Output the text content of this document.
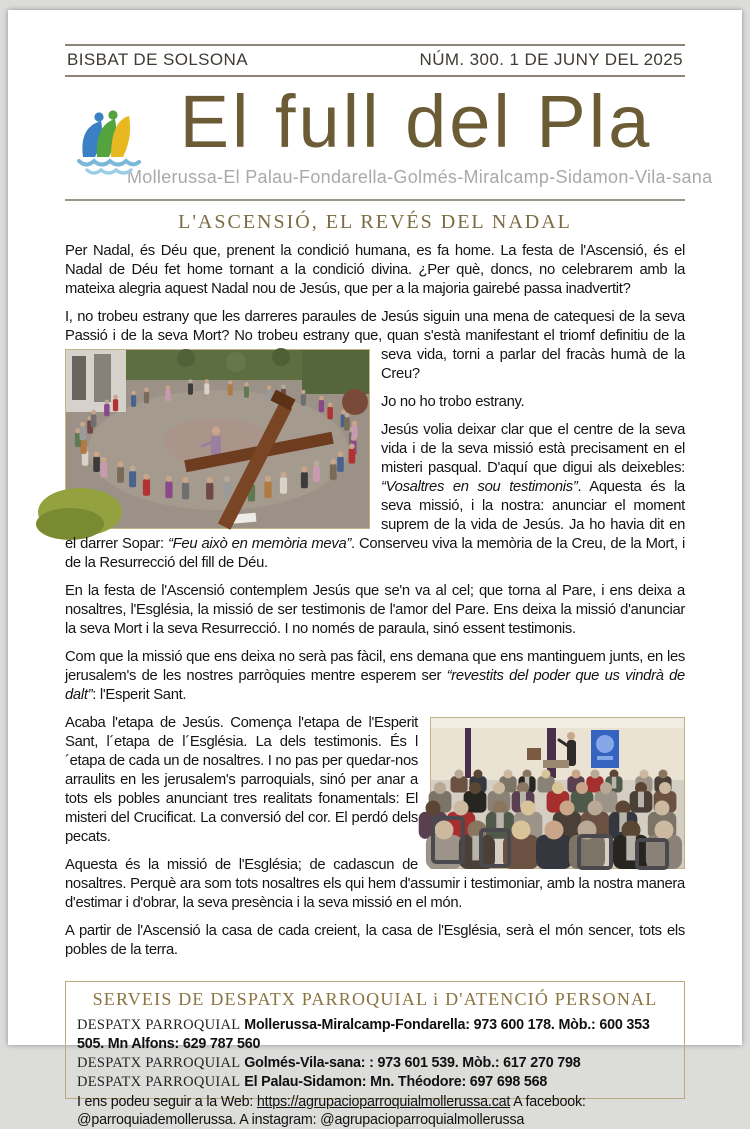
BISBAT DE SOLSONA	NÚM. 300. 1 DE JUNY DEL 2025
El full del Pla
Mollerussa-El Palau-Fondarella-Golmés-Miralcamp-Sidamon-Vila-sana
L'ASCENSIÓ, EL REVÉS DEL NADAL

Per Nadal, és Déu que, prenent la condició humana, es fa home. La festa de l'Ascensió, és el Nadal de Déu fet home tornant a la condició divina. ¿Per què, doncs, no celebrarem amb la mateixa alegria aquest Nadal nou de Jesús, que per a la majoria gairebé passa inadvertit?

I, no trobeu estrany que les darreres paraules de Jesús siguin una mena de catequesi de la seva Passió i de la seva Mort? No trobeu estrany que, quan s'està manifestant el triomf definitiu de la seva vida, torni a parlar del fracàs humà de la Creu?

Jo no ho trobo estrany.

Jesús volia deixar clar que el centre de la seva vida i de la seva missió està precisament en el misteri pasqual. D'aquí que digui als deixebles: “Vosaltres en sou testimonis”. Aquesta és la seva missió, i la nostra: anunciar el moment suprem de la vida de Jesús. Ja ho havia dit en el darrer Sopar: “Feu això en memòria meva”. Conserveu viva la memòria de la Creu, de la Mort, i de la Resurrecció del fill de Déu.

En la festa de l'Ascensió contemplem Jesús que se'n va al cel; que torna al Pare, i ens deixa a nosaltres, l'Església, la missió de ser testimonis de l'amor del Pare. Ens deixa la missió d'anunciar la seva Mort i la seva Resurrecció. I no només de paraula, sinó essent testimonis.

Com que la missió que ens deixa no serà pas fàcil, ens demana que ens mantinguem junts, en les jerusalem's de les nostres parròquies mentre esperem ser “revestits del poder que us vindrà de dalt”: l'Esperit Sant.

Acaba l'etapa de Jesús. Comença l'etapa de l'Esperit Sant, l´etapa de l´Església. La dels testimonis. És l´etapa de cada un de nosaltres. I no pas per quedar-nos arraulits en les jerusalem's parroquials, sinó per anar a tots els pobles anunciant tres realitats fonamentals: El misteri del Crucificat. La conversió del cor. El perdó dels pecats.

Aquesta és la missió de l'Església; de cadascun de nosaltres. Perquè ara som tots nosaltres els qui hem d'assumir i testimoniar, amb la nostra manera d'estimar i d'obrar, la seva presència i la seva missió en el món.

A partir de l'Ascensió la casa de cada creient, la casa de l'Església, serà el món sencer, tots els pobles de la terra.

SERVEIS DE DESPATX PARROQUIAL i D'ATENCIÓ PERSONAL
DESPATX PARROQUIAL Mollerussa-Miralcamp-Fondarella: 973 600 178. Mòb.: 600 353 505. Mn Alfons: 629 787 560
DESPATX PARROQUIAL Golmés-Vila-sana: : 973 601 539. Mòb.: 617 270 798
DESPATX PARROQUIAL El Palau-Sidamon: Mn. Théodore: 697 698 568
I ens podeu seguir a la Web: https://agrupacioparroquialmollerussa.cat A facebook: @parroquiademollerussa. A instagram: @agrupacioparroquialmollerussa
